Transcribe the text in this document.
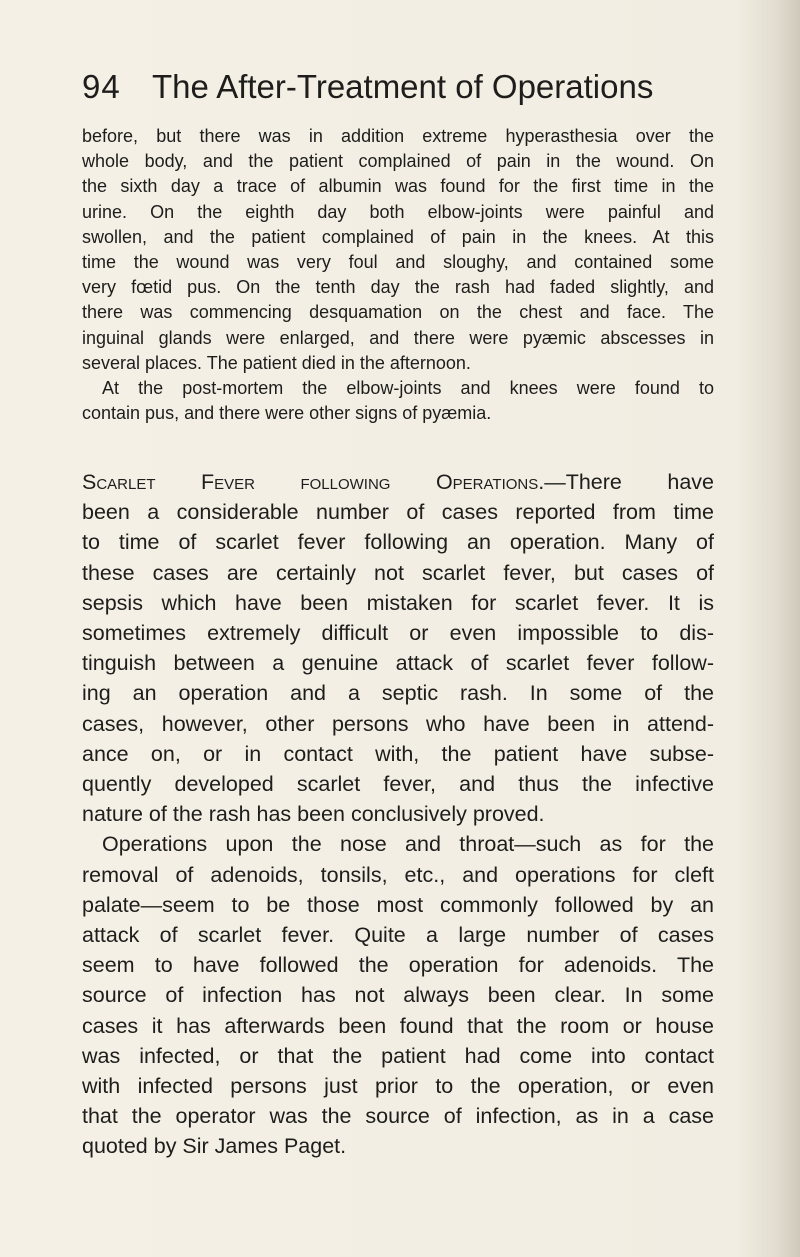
94 The After-Treatment of Operations
before, but there was in addition extreme hyperasthesia over the
whole body, and the patient complained of pain in the wound. On
the sixth day a trace of albumin was found for the first time in the
urine. On the eighth day both elbow-joints were painful and
swollen, and the patient complained of pain in the knees. At this
time the wound was very foul and sloughy, and contained some
very fœtid pus. On the tenth day the rash had faded slightly, and
there was commencing desquamation on the chest and face. The
inguinal glands were enlarged, and there were pyæmic abscesses in
several places. The patient died in the afternoon.
At the post-mortem the elbow-joints and knees were found to
contain pus, and there were other signs of pyæmia.
Scarlet Fever following Operations.—There have
been a considerable number of cases reported from time
to time of scarlet fever following an operation. Many of
these cases are certainly not scarlet fever, but cases of
sepsis which have been mistaken for scarlet fever. It is
sometimes extremely difficult or even impossible to dis-
tinguish between a genuine attack of scarlet fever follow-
ing an operation and a septic rash. In some of the
cases, however, other persons who have been in attend-
ance on, or in contact with, the patient have subse-
quently developed scarlet fever, and thus the infective
nature of the rash has been conclusively proved.
Operations upon the nose and throat—such as for the
removal of adenoids, tonsils, etc., and operations for cleft
palate—seem to be those most commonly followed by an
attack of scarlet fever. Quite a large number of cases
seem to have followed the operation for adenoids. The
source of infection has not always been clear. In some
cases it has afterwards been found that the room or house
was infected, or that the patient had come into contact
with infected persons just prior to the operation, or even
that the operator was the source of infection, as in a case
quoted by Sir James Paget.
